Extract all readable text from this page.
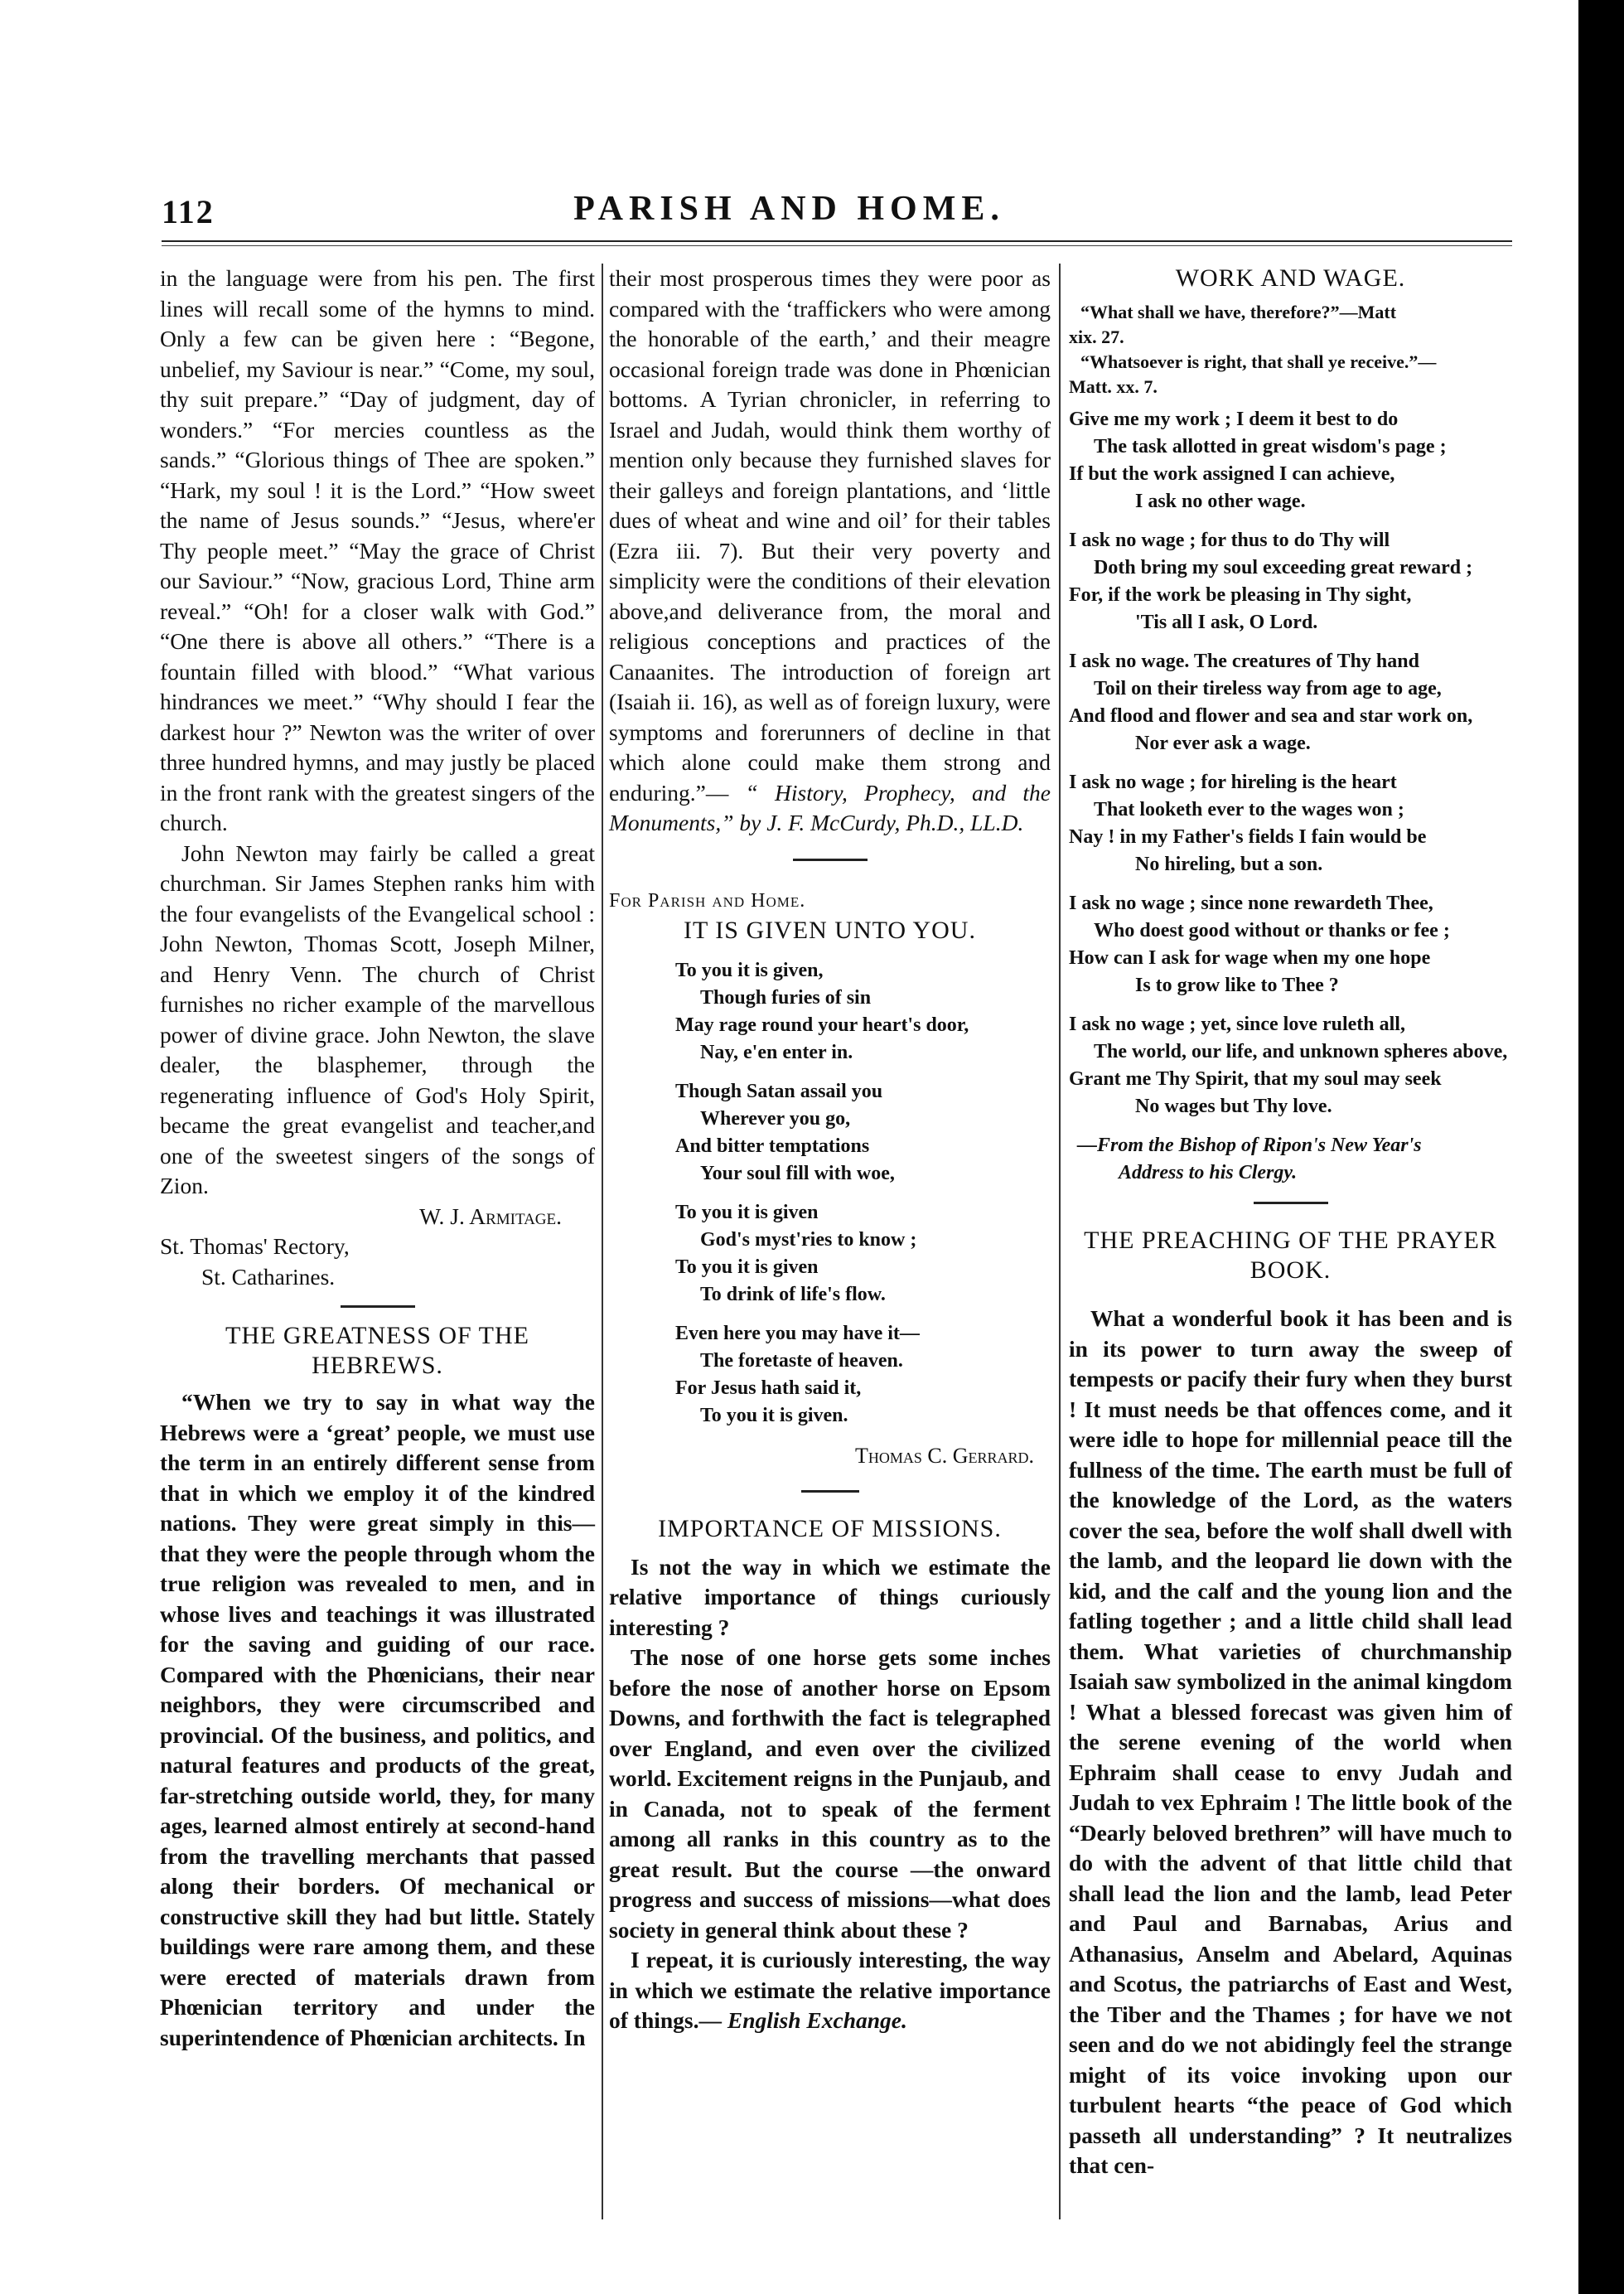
112	PARISH AND HOME.

in the language were from his pen. The first lines will recall some of the hymns to mind. Only a few can be given here : “Begone, unbelief, my Saviour is near.” “Come, my soul, thy suit prepare.” “Day of judgment, day of wonders.” “For mercies countless as the sands.” “Glorious things of Thee are spoken.” “Hark, my soul ! it is the Lord.” “How sweet the name of Jesus sounds.” “Jesus, where'er Thy people meet.” “May the grace of Christ our Saviour.” “Now, gracious Lord, Thine arm reveal.” “Oh! for a closer walk with God.” “One there is above all others.” “There is a fountain filled with blood.” “What various hindrances we meet.” “Why should I fear the darkest hour ?” Newton was the writer of over three hundred hymns, and may justly be placed in the front rank with the greatest singers of the church.

John Newton may fairly be called a great churchman. Sir James Stephen ranks him with the four evangelists of the Evangelical school : John Newton, Thomas Scott, Joseph Milner, and Henry Venn. The church of Christ furnishes no richer example of the marvellous power of divine grace. John Newton, the slave dealer, the blasphemer, through the regenerating influence of God's Holy Spirit, became the great evangelist and teacher,and one of the sweetest singers of the songs of Zion.

W. J. Armitage.

St. Thomas' Rectory,

St. Catharines.

THE GREATNESS OF THE

HEBREWS.

“When we try to say in what way the Hebrews were a ‘great’ people, we must use the term in an entirely different sense from that in which we employ it of the kindred nations. They were great simply in this—that they were the people through whom the true religion was revealed to men, and in whose lives and teachings it was illustrated for the saving and guiding of our race. Compared with the Phœnicians, their near neighbors, they were circumscribed and provincial. Of the business, and politics, and natural features and products of the great, far-stretching outside world, they, for many ages, learned almost entirely at second-hand from the travelling merchants that passed along their borders. Of mechanical or constructive skill they had but little. Stately buildings were rare among them, and these were erected of materials drawn from Phœnician territory and under the superintendence of Phœnician architects. In

their most prosperous times they were poor as compared with the ‘traffickers who were among the honorable of the earth,’ and their meagre occasional foreign trade was done in Phœnician bottoms. A Tyrian chronicler, in referring to Israel and Judah, would think them worthy of mention only because they furnished slaves for their galleys and foreign plantations, and ‘little dues of wheat and wine and oil’ for their tables (Ezra iii. 7). But their very poverty and simplicity were the conditions of their elevation above,and deliverance from, the moral and religious conceptions and practices of the Canaanites. The introduction of foreign art (Isaiah ii. 16), as well as of foreign luxury, were symptoms and forerunners of decline in that which alone could make them strong and enduring.”— “ History, Prophecy, and the Monuments,” by J. F. McCurdy, Ph.D., LL.D.

For Parish and Home.

IT IS GIVEN UNTO YOU.

To you it is given,

Though furies of sin

May rage round your heart's door,

Nay, e'en enter in.

Though Satan assail you

Wherever you go,

And bitter temptations

Your soul fill with woe,

To you it is given

God's myst'ries to know ;

To you it is given

To drink of life's flow.

Even here you may have it—

The foretaste of heaven.

For Jesus hath said it,

To you it is given.

Thomas C. Gerrard.

IMPORTANCE OF MISSIONS.

Is not the way in which we estimate the relative importance of things curiously interesting ?

The nose of one horse gets some inches before the nose of another horse on Epsom Downs, and forthwith the fact is telegraphed over England, and even over the civilized world. Excitement reigns in the Punjaub, and in Canada, not to speak of the ferment among all ranks in this country as to the great result. But the course —the onward progress and success of missions—what does society in general think about these ?

I repeat, it is curiously interesting, the way in which we estimate the relative importance of things.— English Exchange.

WORK AND WAGE.

“What shall we have, therefore?”—Matt

xix. 27.

“Whatsoever is right, that shall ye receive.”—

Matt. xx. 7.

Give me my work ; I deem it best to do

The task allotted in great wisdom's page ;

If but the work assigned I can achieve,

I ask no other wage.

I ask no wage ; for thus to do Thy will

Doth bring my soul exceeding great reward ;

For, if the work be pleasing in Thy sight,

'Tis all I ask, O Lord.

I ask no wage. The creatures of Thy hand

Toil on their tireless way from age to age,

And flood and flower and sea and star work on,

Nor ever ask a wage.

I ask no wage ; for hireling is the heart

That looketh ever to the wages won ;

Nay ! in my Father's fields I fain would be

No hireling, but a son.

I ask no wage ; since none rewardeth Thee,

Who doest good without or thanks or fee ;

How can I ask for wage when my one hope

Is to grow like to Thee ?

I ask no wage ; yet, since love ruleth all,

The world, our life, and unknown spheres above,

Grant me Thy Spirit, that my soul may seek

No wages but Thy love.

—From the Bishop of Ripon's New Year's

Address to his Clergy.

THE PREACHING OF THE PRAYER

BOOK.

What a wonderful book it has been and is in its power to turn away the sweep of tempests or pacify their fury when they burst ! It must needs be that offences come, and it were idle to hope for millennial peace till the fullness of the time. The earth must be full of the knowledge of the Lord, as the waters cover the sea, before the wolf shall dwell with the lamb, and the leopard lie down with the kid, and the calf and the young lion and the fatling together ; and a little child shall lead them. What varieties of churchmanship Isaiah saw symbolized in the animal kingdom ! What a blessed forecast was given him of the serene evening of the world when Ephraim shall cease to envy Judah and Judah to vex Ephraim ! The little book of the “Dearly beloved brethren” will have much to do with the advent of that little child that shall lead the lion and the lamb, lead Peter and Paul and Barnabas, Arius and Athanasius, Anselm and Abelard, Aquinas and Scotus, the patriarchs of East and West, the Tiber and the Thames ; for have we not seen and do we not abidingly feel the strange might of its voice invoking upon our turbulent hearts “the peace of God which passeth all understanding” ? It neutralizes that cen-
